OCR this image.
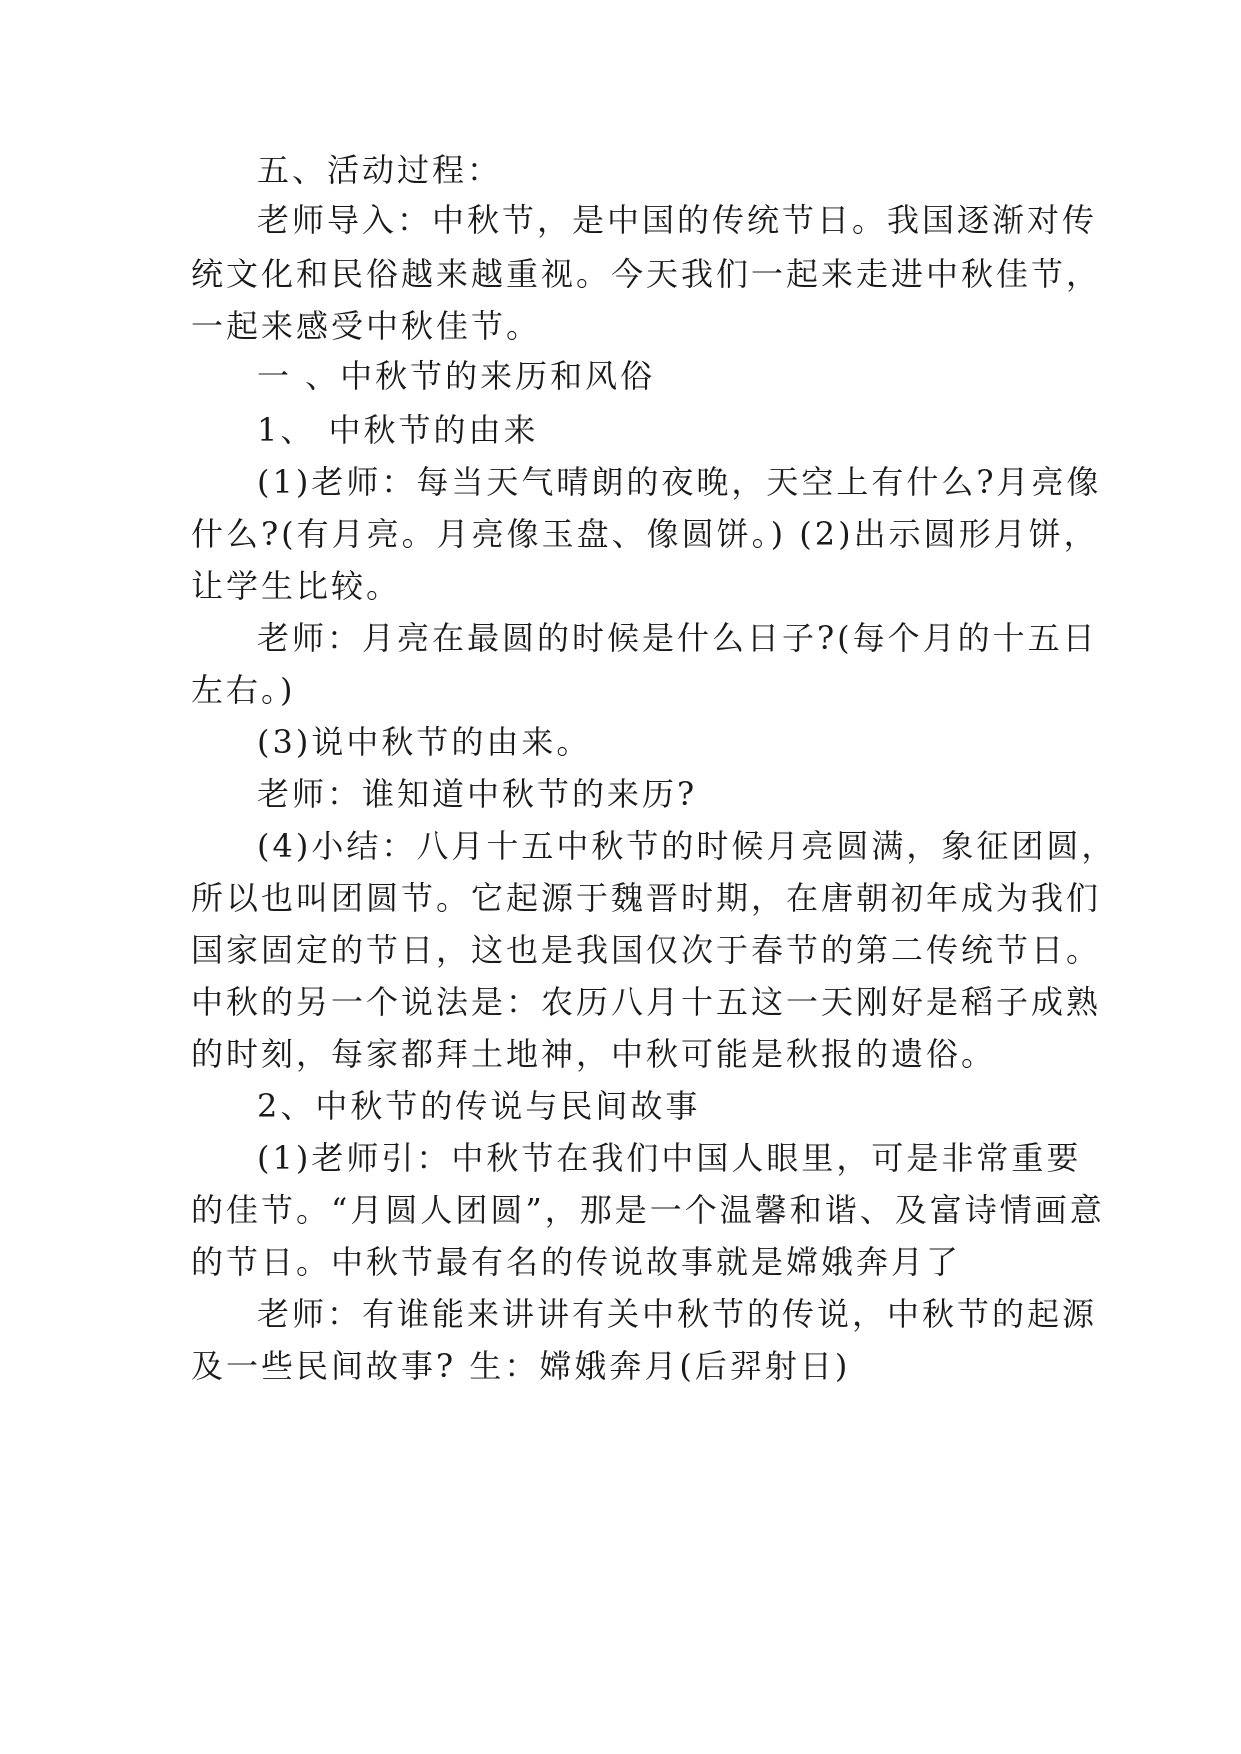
五、活动过程：

老师导入：中秋节，是中国的传统节日。我国逐渐对传

统文化和民俗越来越重视。今天我们一起来走进中秋佳节，

一起来感受中秋佳节。

一 、中秋节的来历和风俗

1、 中秋节的由来

(1)老师：每当天气晴朗的夜晚，天空上有什么?月亮像

什么?(有月亮。月亮像玉盘、像圆饼。) (2)出示圆形月饼，

让学生比较。

老师：月亮在最圆的时候是什么日子?(每个月的十五日

左右。)

(3)说中秋节的由来。

老师：谁知道中秋节的来历?

(4)小结：八月十五中秋节的时候月亮圆满，象征团圆，

所以也叫团圆节。它起源于魏晋时期，在唐朝初年成为我们

国家固定的节日，这也是我国仅次于春节的第二传统节日。

中秋的另一个说法是：农历八月十五这一天刚好是稻子成熟

的时刻，每家都拜土地神，中秋可能是秋报的遗俗。

2、中秋节的传说与民间故事

(1)老师引：中秋节在我们中国人眼里，可是非常重要

的佳节。“月圆人团圆”，那是一个温馨和谐、及富诗情画意

的节日。中秋节最有名的传说故事就是嫦娥奔月了

老师：有谁能来讲讲有关中秋节的传说，中秋节的起源

及一些民间故事? 生：嫦娥奔月(后羿射日)
